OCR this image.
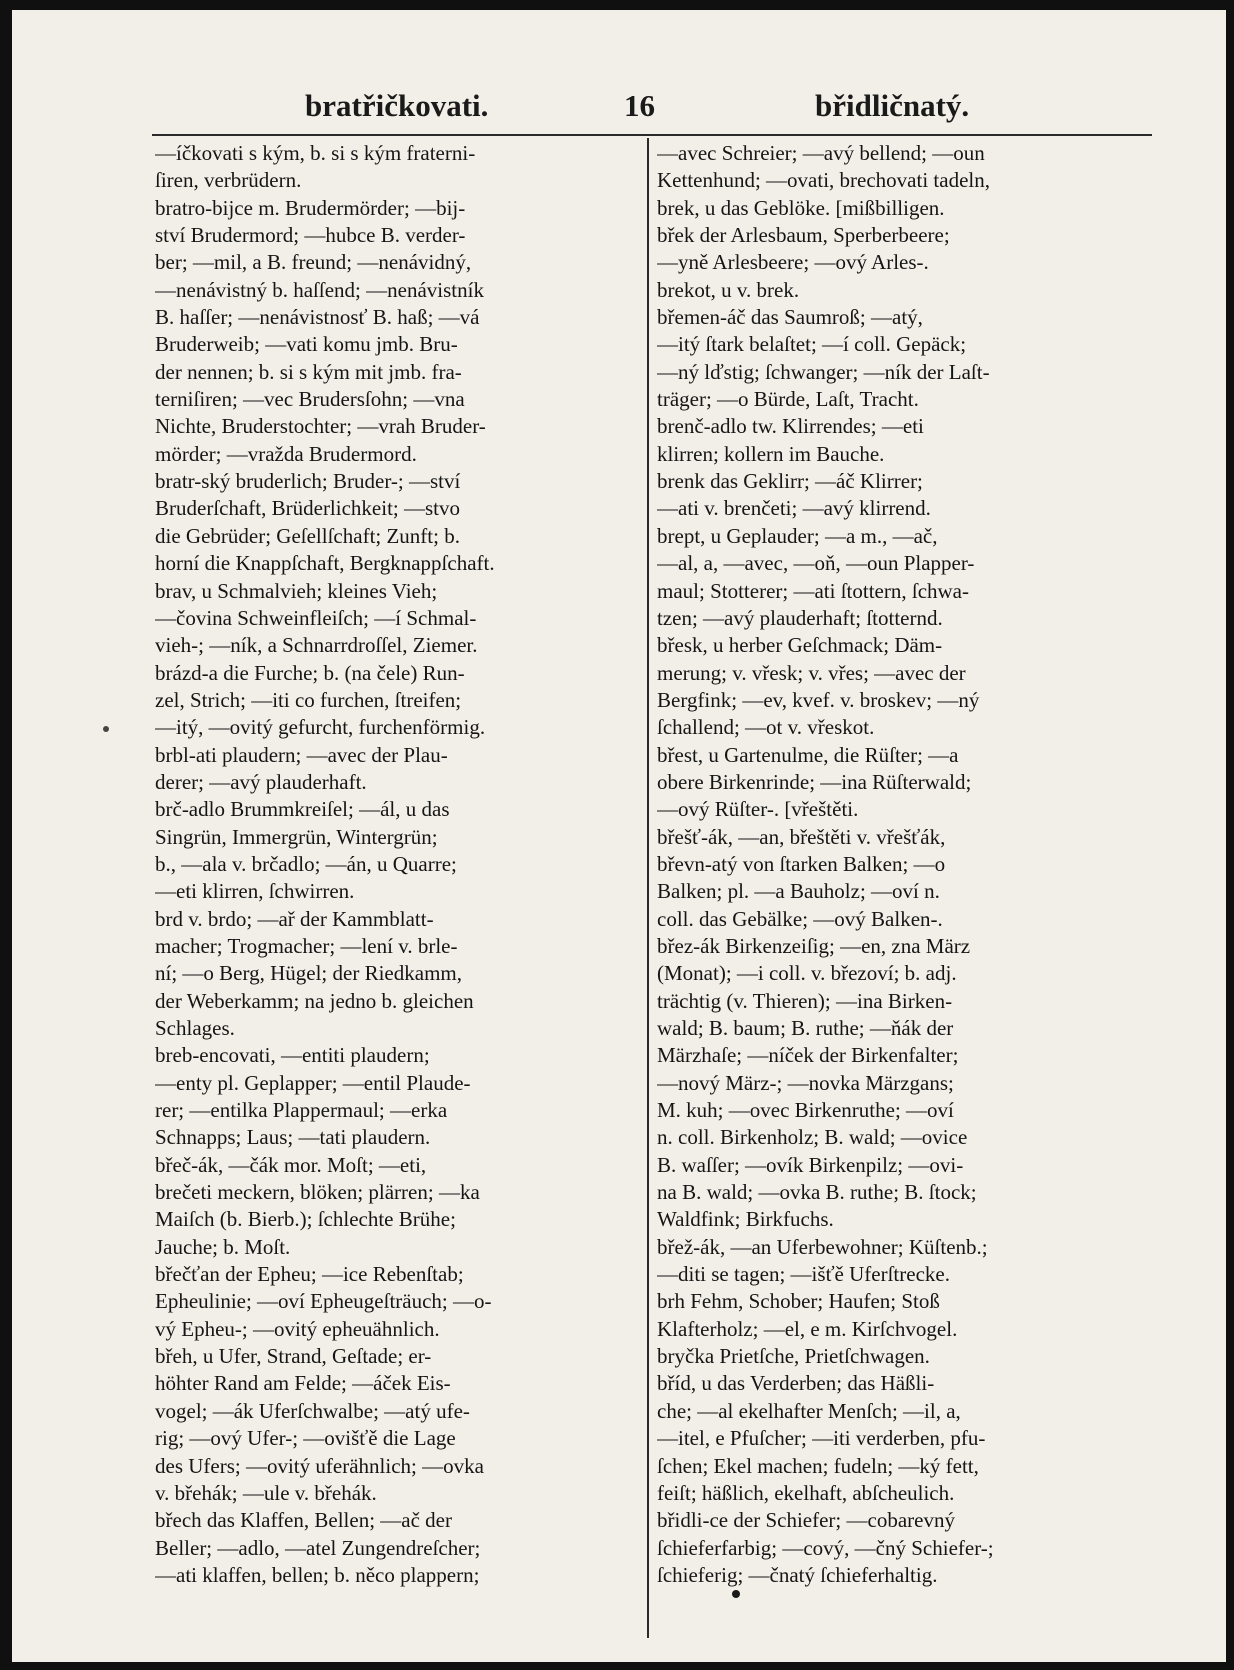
bratřičkovati.	16	břidličnatý.
—íčkovati s kým, b. si s kým fraterni-
ſiren, verbrüdern.
bratro-bijce m. Brudermörder; —bij-
ství Brudermord; —hubce B. verder-
ber; —mil, a B. freund; —nenávidný,
—nenávistný b. haſſend; —nenávistník
B. haſſer; —nenávistnosť B. haß; —vá
Bruderweib; —vati komu jmb. Bru-
der nennen; b. si s kým mit jmb. fra-
terniſiren; —vec Brudersſohn; —vna
Nichte, Bruderstochter; —vrah Bruder-
mörder; —vražda Brudermord.
bratr-ský bruderlich; Bruder-; —ství
Bruderſchaft, Brüderlichkeit; —stvo
die Gebrüder; Geſellſchaft; Zunft; b.
horní die Knappſchaft, Bergknappſchaft.
brav, u Schmalvieh; kleines Vieh;
—čovina Schweinfleiſch; —í Schmal-
vieh-; —ník, a Schnarrdroſſel, Ziemer.
brázd-a die Furche; b. (na čele) Run-
zel, Strich; —iti co furchen, ſtreifen;
—itý, —ovitý gefurcht, furchenförmig.
brbl-ati plaudern; —avec der Plau-
derer; —avý plauderhaft.
brč-adlo Brummkreiſel; —ál, u das
Singrün, Immergrün, Wintergrün;
b., —ala v. brčadlo; —án, u Quarre;
—eti klirren, ſchwirren.
brd v. brdo; —ař der Kammblatt-
macher; Trogmacher; —lení v. brle-
ní; —o Berg, Hügel; der Riedkamm,
der Weberkamm; na jedno b. gleichen
Schlages.
breb-encovati, —entiti plaudern;
—enty pl. Geplapper; —entil Plaude-
rer; —entilka Plappermaul; —erka
Schnapps; Laus; —tati plaudern.
břeč-ák, —čák mor. Moſt; —eti,
brečeti meckern, blöken; plärren; —ka
Maiſch (b. Bierb.); ſchlechte Brühe;
Jauche; b. Moſt.
břečťan der Epheu; —ice Rebenſtab;
Epheulinie; —oví Epheugeſträuch; —o-
vý Epheu-; —ovitý epheuähnlich.
břeh, u Ufer, Strand, Geſtade; er-
höhter Rand am Felde; —áček Eis-
vogel; —ák Uferſchwalbe; —atý ufe-
rig; —ový Ufer-; —ovišťě die Lage
des Ufers; —ovitý uferähnlich; —ovka
v. břehák; —ule v. břehák.
břech das Klaffen, Bellen; —ač der
Beller; —adlo, —atel Zungendreſcher;
—ati klaffen, bellen; b. něco plappern;
—avec Schreier; —avý bellend; —oun
Kettenhund; —ovati, brechovati tadeln,
brek, u das Geblöke. [mißbilligen.
břek der Arlesbaum, Sperberbeere;
—yně Arlesbeere; —ový Arles-.
brekot, u v. brek.
břemen-áč das Saumroß; —atý,
—itý ſtark belaſtet; —í coll. Gepäck;
—ný lďstig; ſchwanger; —ník der Laſt-
träger; —o Bürde, Laſt, Tracht.
brenč-adlo tw. Klirrendes; —eti
klirren; kollern im Bauche.
brenk das Geklirr; —áč Klirrer;
—ati v. brenčeti; —avý klirrend.
brept, u Geplauder; —a m., —ač,
—al, a, —avec, —oň, —oun Plapper-
maul; Stotterer; —ati ſtottern, ſchwa-
tzen; —avý plauderhaft; ſtotternd.
břesk, u herber Geſchmack; Däm-
merung; v. vřesk; v. vřes; —avec der
Bergfink; —ev, kvef. v. broskev; —ný
ſchallend; —ot v. vřeskot.
břest, u Gartenulme, die Rüſter; —a
obere Birkenrinde; —ina Rüſterwald;
—ový Rüſter-. [vřeštěti.
břešť-ák, —an, břeštěti v. vřešťák,
břevn-atý von ſtarken Balken; —o
Balken; pl. —a Bauholz; —oví n.
coll. das Gebälke; —ový Balken-.
břez-ák Birkenzeiſig; —en, zna März
(Monat); —i coll. v. březoví; b. adj.
trächtig (v. Thieren); —ina Birken-
wald; B. baum; B. ruthe; —ňák der
Märzhaſe; —níček der Birkenfalter;
—nový März-; —novka Märzgans;
M. kuh; —ovec Birkenruthe; —oví
n. coll. Birkenholz; B. wald; —ovice
B. waſſer; —ovík Birkenpilz; —ovi-
na B. wald; —ovka B. ruthe; B. ſtock;
Waldfink; Birkfuchs.
břež-ák, —an Uferbewohner; Küſtenb.;
—diti se tagen; —išťě Uferſtrecke.
brh Fehm, Schober; Haufen; Stoß
Klafterholz; —el, e m. Kirſchvogel.
bryčka Prietſche, Prietſchwagen.
bříd, u das Verderben; das Häßli-
che; —al ekelhafter Menſch; —il, a,
—itel, e Pfuſcher; —iti verderben, pfu-
ſchen; Ekel machen; fudeln; —ký fett,
feiſt; häßlich, ekelhaft, abſcheulich.
břidli-ce der Schiefer; —cobarevný
ſchieferfarbig; —cový, —čný Schiefer-;
ſchieferig; —čnatý ſchieferhaltig.
